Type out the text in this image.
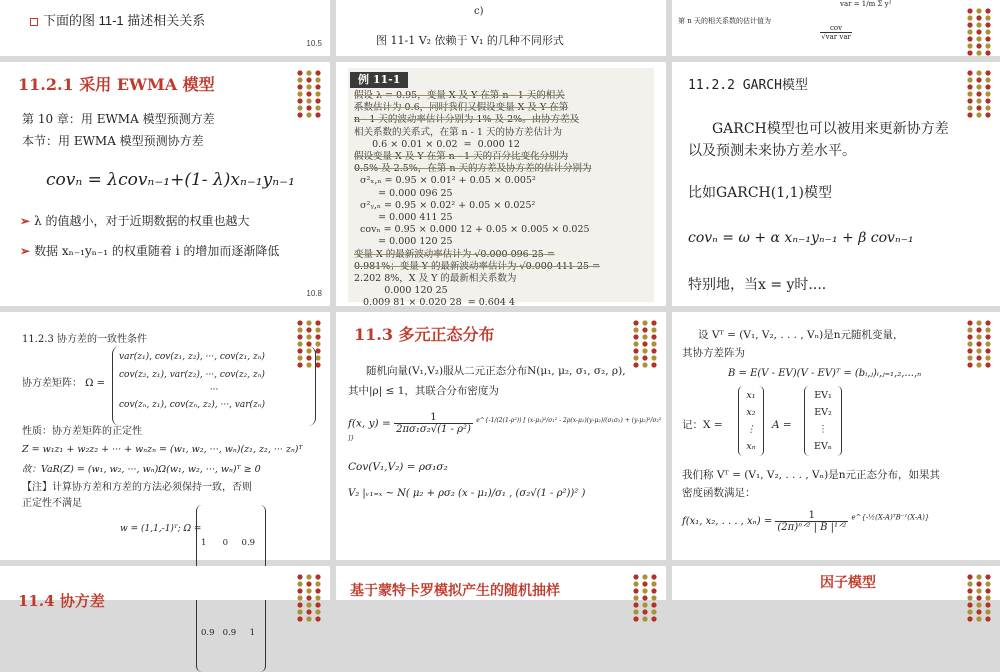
下面的图 11-1 描述相关关系
10.5
c)
图 11-1 V₂ 依赖于 V₁ 的几种不同形式
var = 1/m Σ y²
第 n 天的相关系数的估计值为
cov
√var var
11.2.1 采用 EWMA 模型
第 10 章：用 EWMA 模型预测方差
本节：用 EWMA 模型预测协方差
covₙ = λcovₙ₋₁+(1- λ)xₙ₋₁yₙ₋₁
➢ λ 的值越小，对于近期数据的权重也越大
➢ 数据 xₙ₋₁yₙ₋₁ 的权重随着 i 的增加而逐渐降低
10.8
例 11-1
假设 λ = 0.95，变量 X 及 Y 在第 n - 1 天的相关
系数估计为 0.6，同时我们又假设变量 X 及 Y 在第
n - 1 天的波动率估计分别为 1% 及 2%。由协方差及
相关系数的关系式，在第 n - 1 天的协方差估计为
0.6 × 0.01 × 0.02  =  0.000 12
假设变量 X 及 Y 在第 n - 1 天的百分比变化分别为
0.5% 及 2.5%，在第 n 天的方差及协方差的估计分别为
σ²ₓ,ₙ = 0.95 × 0.01² + 0.05 × 0.005²
= 0.000 096 25
σ²ᵧ,ₙ = 0.95 × 0.02² + 0.05 × 0.025²
= 0.000 411 25
covₙ = 0.95 × 0.000 12 + 0.05 × 0.005 × 0.025
= 0.000 120 25
变量 X 的最新波动率估计为 √0.000 096 25 =
0.981%；变量 Y 的最新波动率估计为 √0.000 411 25 =
2.202 8%，X 及 Y 的最新相关系数为
0.000 120 25
0.009 81 × 0.020 28  = 0.604 4
11.2.2 GARCH模型
GARCH模型也可以被用来更新协方差
以及预测未来协方差水平。
比如GARCH(1,1)模型
covₙ = ω + α xₙ₋₁yₙ₋₁ + β covₙ₋₁
特别地，当x = y时....
11.2.3 协方差的一致性条件
协方差矩阵： Ω =
var(z₁), cov(z₁, z₂), ···, cov(z₁, zₙ)
cov(z₂, z₁), var(z₂), ···, cov(z₂, zₙ)
···
cov(zₙ, z₁), cov(zₙ, z₂), ···, var(zₙ)
性质：协方差矩阵的正定性
Z = w₁z₁ + w₂z₂ + ··· + wₙzₙ = (w₁, w₂, ···, wₙ)(z₁, z₂, ··· zₙ)ᵀ
故：VaR(Z) = (w₁, w₂, ···, wₙ)Ω(w₁, w₂, ···, wₙ)ᵀ ≥ 0
【注】计算协方差和方差的方法必须保持一致，否则
正定性不满足
w = (1,1,-1)ᵀ; Ω =

1      0     0.9

0.9   0.9     1

11.3 多元正态分布
随机向量(V₁,V₂)服从二元正态分布N(μ₁, μ₂, σ₁, σ₂, ρ),
其中|ρ| ≤ 1，其联合分布密度为
f(x, $y) = \frac{1}{\text{2πσ₁σ₂√(1 - ρ²)}} ^{e\^{}\{-1/(2(1-\rho^2)) [ (x-\mu_1)^2/\sigma_1^2 - 2\rho(x-\mu_1)(y-\mu_2)/(\sigma_1\sigma_2) + (y-\mu_2)^2/\sigma_2^2 ]\}}$
Cov(V₁,V₂) = ρσ₁σ₂
V₂ |ᵥ₁₌ₓ ~ N( μ₂ + ρσ₂ (x - μ₁)/σ₁ , (σ₂√(1 - ρ²))² )
设 Vᵀ = (V₁, V₂, . . . , Vₙ)是n元随机变量，
其协方差阵为
B = E(V - EV)(V - EV)ᵀ = (bᵢ,ⱼ)ᵢ,ⱼ₌₁,₂,...,ₙ
记：X =
x₁
x₂
⋮
xₙ
A =
EV₁
EV₂
⋮
EVₙ
我们称 Vᵀ = (V₁, V₂, . . . , Vₙ)是n元正态分布，如果其
密度函数满足：
f(x₁, x₂, . . . , $x_n) = \frac{1}{\text{(2π)ⁿᐟ² | B |¹ᐟ²}} ^{e\^{}\{-\frac{1}{2}(X-A)ᵀB^{-1}(X-A)\}}$
11.4 协方差
基于蒙特卡罗模拟产生的随机抽样	因子模型
